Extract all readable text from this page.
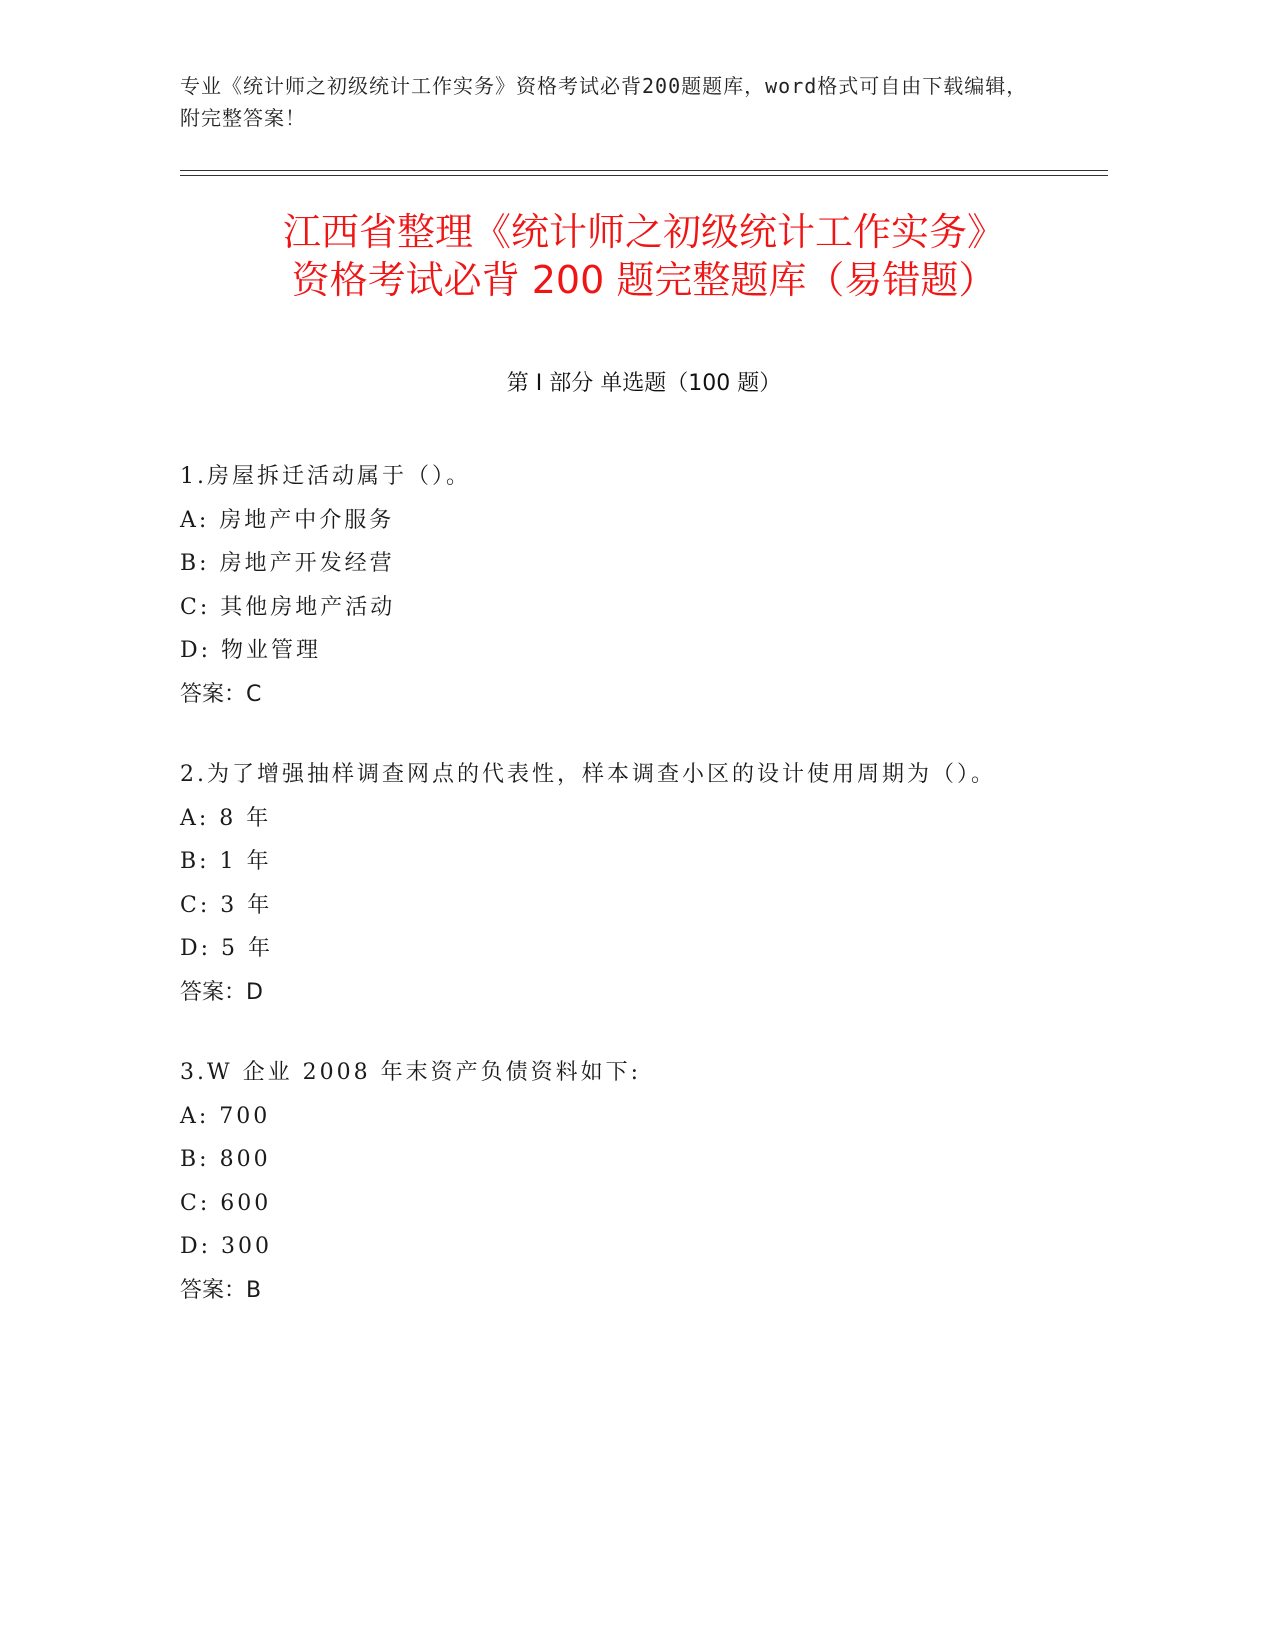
专业《统计师之初级统计工作实务》资格考试必背200题题库，word格式可自由下载编辑，附完整答案！
江西省整理《统计师之初级统计工作实务》
资格考试必背 200 题完整题库（易错题）
第 I 部分 单选题（100 题）

1.房屋拆迁活动属于（）。

A: 房地产中介服务
B: 房地产开发经营
C: 其他房地产活动
D: 物业管理

答案：C

2.为了增强抽样调查网点的代表性，样本调查小区的设计使用周期为（）。

A: 8 年
B: 1 年
C: 3 年
D: 5 年

答案：D

3.W 企业 2008 年末资产负债资料如下:

A: 700
B: 800
C: 600
D: 300

答案：B
